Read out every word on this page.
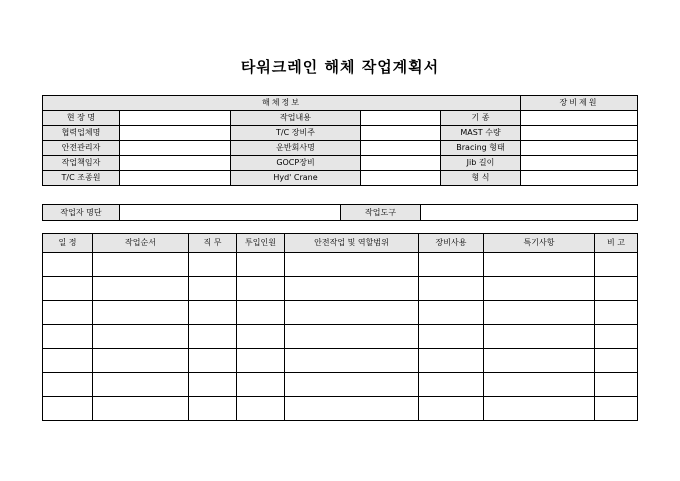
타워크레인 해체 작업계획서
해체정보					장비제원
현 장 명		작업내용		기 종	
협력업체명		T/C 장비주		MAST 수량	
안전관리자		운반회사명		Bracing 형태	
작업책임자		GOCP장비		Jib 길이	
T/C 조종원		Hyd' Crane		형 식	
작업자 명단		작업도구	
일 정	작업순서	직 무	투입인원	안전작업 및 역할범위	장비사용	특기사항	비 고
